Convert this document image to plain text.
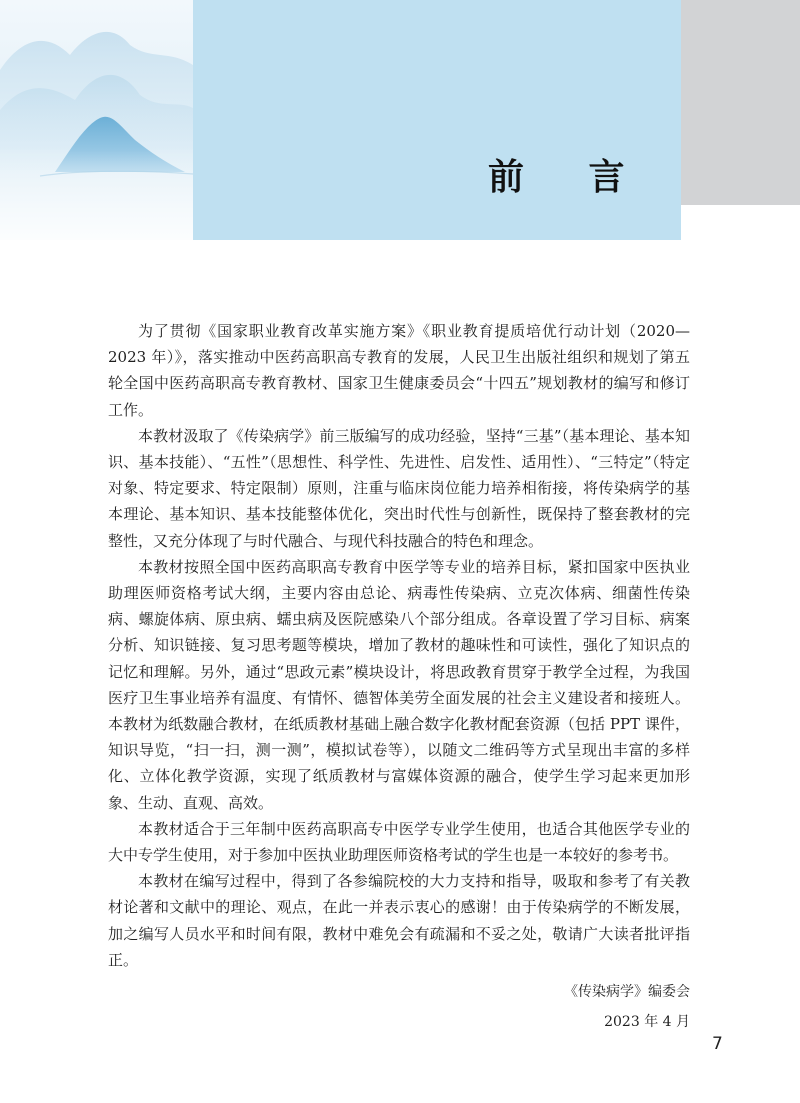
前 言

为了贯彻《国家职业教育改革实施方案》《职业教育提质培优行动计划（2020—2023 年）》，落实推动中医药高职高专教育的发展，人民卫生出版社组织和规划了第五轮全国中医药高职高专教育教材、国家卫生健康委员会“十四五”规划教材的编写和修订工作。

本教材汲取了《传染病学》前三版编写的成功经验，坚持“三基”（基本理论、基本知识、基本技能）、“五性”（思想性、科学性、先进性、启发性、适用性）、“三特定”（特定对象、特定要求、特定限制）原则，注重与临床岗位能力培养相衔接，将传染病学的基本理论、基本知识、基本技能整体优化，突出时代性与创新性，既保持了整套教材的完整性，又充分体现了与时代融合、与现代科技融合的特色和理念。

本教材按照全国中医药高职高专教育中医学等专业的培养目标，紧扣国家中医执业助理医师资格考试大纲，主要内容由总论、病毒性传染病、立克次体病、细菌性传染病、螺旋体病、原虫病、蠕虫病及医院感染八个部分组成。各章设置了学习目标、病案分析、知识链接、复习思考题等模块，增加了教材的趣味性和可读性，强化了知识点的记忆和理解。另外，通过“思政元素”模块设计，将思政教育贯穿于教学全过程，为我国医疗卫生事业培养有温度、有情怀、德智体美劳全面发展的社会主义建设者和接班人。本教材为纸数融合教材，在纸质教材基础上融合数字化教材配套资源（包括 PPT 课件，知识导览，“扫一扫，测一测”，模拟试卷等），以随文二维码等方式呈现出丰富的多样化、立体化教学资源，实现了纸质教材与富媒体资源的融合，使学生学习起来更加形象、生动、直观、高效。

本教材适合于三年制中医药高职高专中医学专业学生使用，也适合其他医学专业的大中专学生使用，对于参加中医执业助理医师资格考试的学生也是一本较好的参考书。

本教材在编写过程中，得到了各参编院校的大力支持和指导，吸取和参考了有关教材论著和文献中的理论、观点，在此一并表示衷心的感谢！由于传染病学的不断发展，加之编写人员水平和时间有限，教材中难免会有疏漏和不妥之处，敬请广大读者批评指正。

《传染病学》编委会
2023 年 4 月
7
